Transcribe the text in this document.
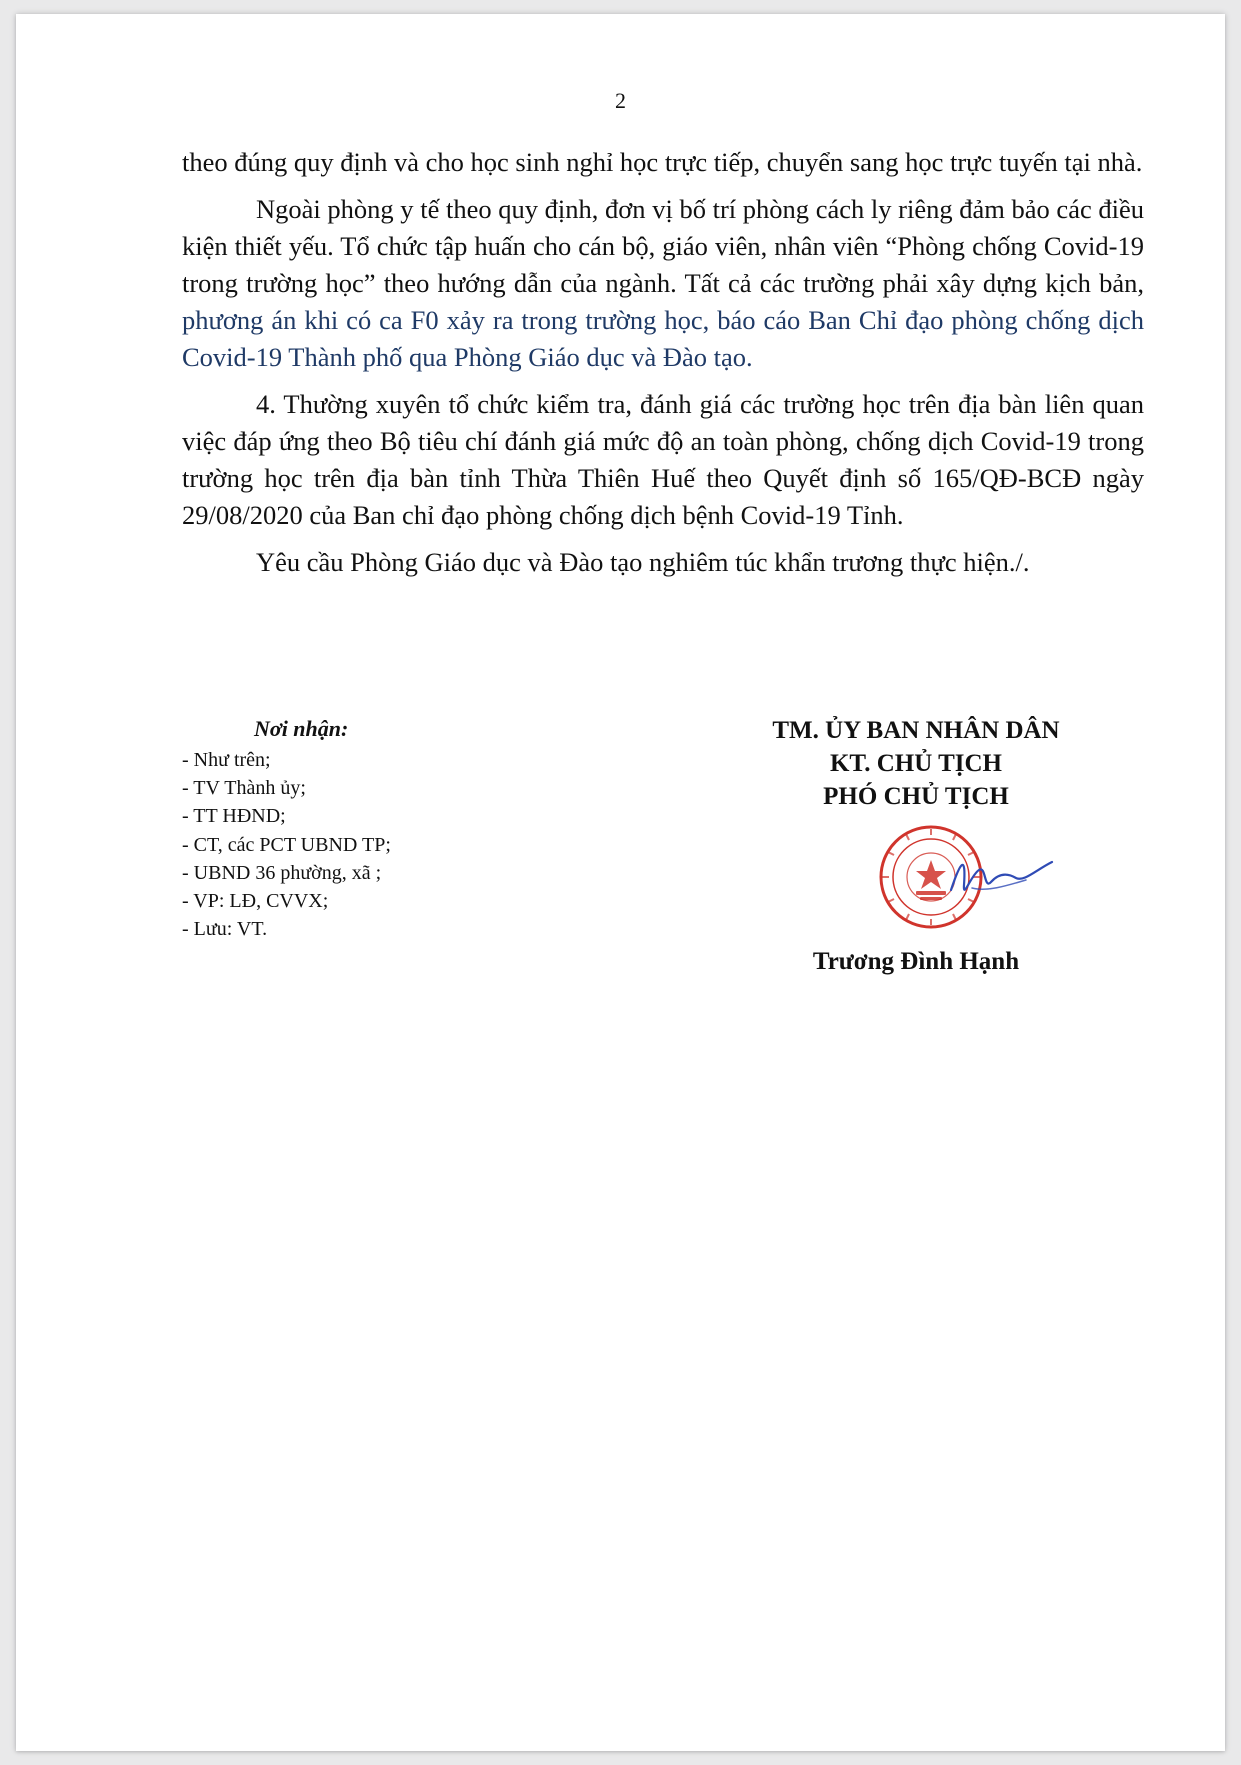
2

theo đúng quy định và cho học sinh nghỉ học trực tiếp, chuyển sang học trực tuyến tại nhà.

Ngoài phòng y tế theo quy định, đơn vị bố trí phòng cách ly riêng đảm bảo các điều kiện thiết yếu. Tổ chức tập huấn cho cán bộ, giáo viên, nhân viên “Phòng chống Covid-19 trong trường học” theo hướng dẫn của ngành. Tất cả các trường phải xây dựng kịch bản, phương án khi có ca F0 xảy ra trong trường học, báo cáo Ban Chỉ đạo phòng chống dịch Covid-19 Thành phố qua Phòng Giáo dục và Đào tạo.

4. Thường xuyên tổ chức kiểm tra, đánh giá các trường học trên địa bàn liên quan việc đáp ứng theo Bộ tiêu chí đánh giá mức độ an toàn phòng, chống dịch Covid-19 trong trường học trên địa bàn tỉnh Thừa Thiên Huế theo Quyết định số 165/QĐ-BCĐ ngày 29/08/2020 của Ban chỉ đạo phòng chống dịch bệnh Covid-19 Tỉnh.

Yêu cầu Phòng Giáo dục và Đào tạo nghiêm túc khẩn trương thực hiện./.

Nơi nhận:
- Như trên;
- TV Thành ủy;
- TT HĐND;
- CT, các PCT UBND TP;
- UBND 36 phường, xã ;
- VP: LĐ, CVVX;
- Lưu: VT.
TM. ỦY BAN NHÂN DÂN
KT. CHỦ TỊCH
PHÓ CHỦ TỊCH
Trương Đình Hạnh
